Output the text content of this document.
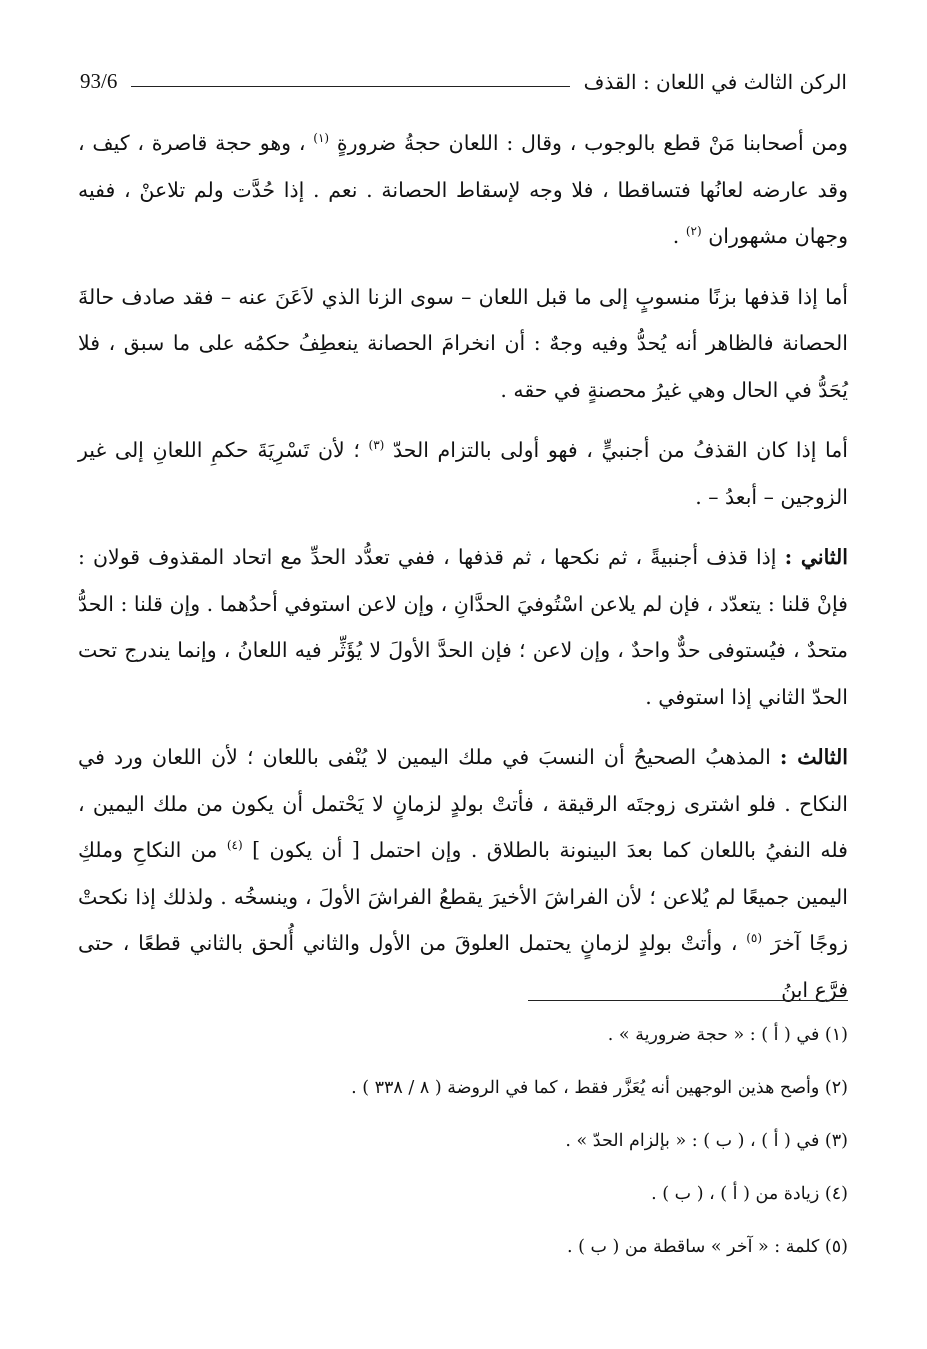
93/6	الركن الثالث في اللعان : القذف

ومن أصحابنا مَنْ قطع بالوجوب ، وقال : اللعان حجةُ ضرورةٍ $^{(١)}$ ، وهو حجة قاصرة ، كيف ، وقد عارضه لعانُها فتساقطا ، فلا وجه لإسقاط الحصانة . نعم . إذا حُدَّت ولم تلاعنْ ، ففيه وجهان مشهوران $^{(٢)}$ .

أما إذا قذفها بزنًا منسوبٍ إلى ما قبل اللعان – سوى الزنا الذي لاَعَنَ عنه – فقد صادف حالةَ الحصانة فالظاهر أنه يُحدُّ وفيه وجهٌ : أن انخرامَ الحصانة ينعطِفُ حكمُه على ما سبق ، فلا يُحَدُّ في الحال وهي غيرُ محصنةٍ في حقه .

أما إذا كان القذفُ من أجنبيٍّ ، فهو أولى بالتزام الحدّ $^{(٣)}$ ؛ لأن تَسْرِيَةَ حكمِ اللعانِ إلى غير الزوجين – أبعدُ – .

الثاني : إذا قذف أجنبيةً ، ثم نكحها ، ثم قذفها ، ففي تعدُّد الحدِّ مع اتحاد المقذوف قولان : فإنْ قلنا : يتعدّد ، فإن لم يلاعن اسْتُوفيَ الحدَّانِ ، وإن لاعن استوفي أحدُهما . وإن قلنا : الحدُّ متحدٌ ، فيُستوفى حدٌّ واحدٌ ، وإن لاعن ؛ فإن الحدَّ الأولَ لا يُؤَثِّر فيه اللعانُ ، وإنما يندرج تحت الحدّ الثاني إذا استوفي .

الثالث : المذهبُ الصحيحُ أن النسبَ في ملك اليمين لا يُنْفى باللعان ؛ لأن اللعان ورد في النكاح . فلو اشترى زوجتَه الرقيقة ، فأتتْ بولدٍ لزمانٍ لا يَحْتمل أن يكون من ملك اليمين ، فله النفيُ باللعان كما بعدَ البينونة بالطلاق . وإن احتمل [ أن يكون ] $^{(٤)}$ من النكاحِ وملكِ اليمين جميعًا لم يُلاعن ؛ لأن الفراشَ الأخيرَ يقطعُ الفراشَ الأولَ ، وينسخُه . ولذلك إذا نكحتْ زوجًا آخرَ $^{(٥)}$ ، وأتتْ بولدٍ لزمانٍ يحتمل العلوقَ من الأول والثاني أُلحق بالثاني قطعًا ، حتى فرَّع ابنُ

(١) في ( أ ) : « حجة ضرورية » .
(٢) وأصح هذين الوجهين أنه يُعَزَّر فقط ، كما في الروضة ( ٨ / ٣٣٨ ) .
(٣) في ( أ ) ، ( ب ) : « بإلزام الحدّ » .
(٤) زيادة من ( أ ) ، ( ب ) .
(٥) كلمة : « آخر » ساقطة من ( ب ) .
